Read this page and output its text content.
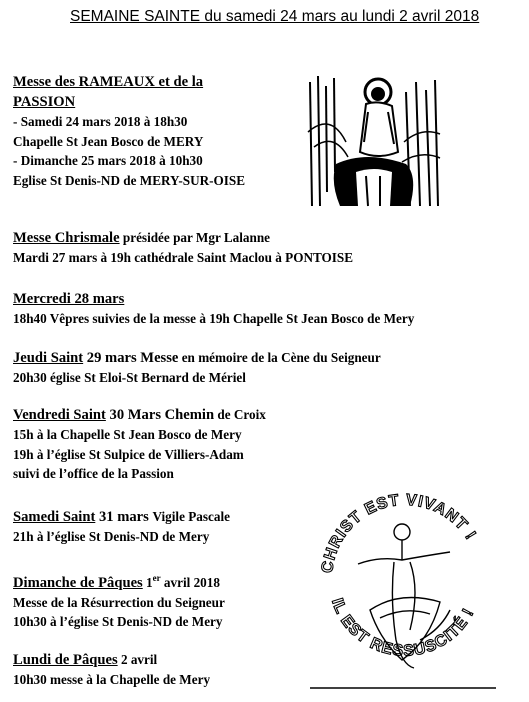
SEMAINE SAINTE du samedi 24 mars au lundi 2 avril 2018
Messe des RAMEAUX et de la
PASSION
- Samedi 24 mars 2018 à 18h30
Chapelle St Jean Bosco de MERY
- Dimanche 25 mars 2018 à 10h30
Eglise St Denis-ND de MERY-SUR-OISE
Messe Chrismale présidée par Mgr Lalanne
Mardi 27 mars à 19h cathédrale Saint Maclou à PONTOISE
Mercredi 28 mars
18h40 Vêpres suivies de la messe à 19h Chapelle St Jean Bosco de Mery
Jeudi Saint 29 mars Messe en mémoire de la Cène du Seigneur
20h30 église St Eloi-St Bernard de Mériel
Vendredi Saint 30 Mars Chemin de Croix
15h à la Chapelle St Jean Bosco de Mery
19h à l’église St Sulpice de Villiers-Adam
suivi de l’office de la Passion
Samedi Saint 31 mars Vigile Pascale
21h à l’église St Denis-ND de Mery
Dimanche de Pâques 1er avril 2018
Messe de la Résurrection du Seigneur
10h30 à l’église St Denis-ND de Mery
Lundi de Pâques 2 avril
10h30 messe à la Chapelle de Mery
CHRIST EST VIVANT !
IL EST RESSUSCITÉ !
